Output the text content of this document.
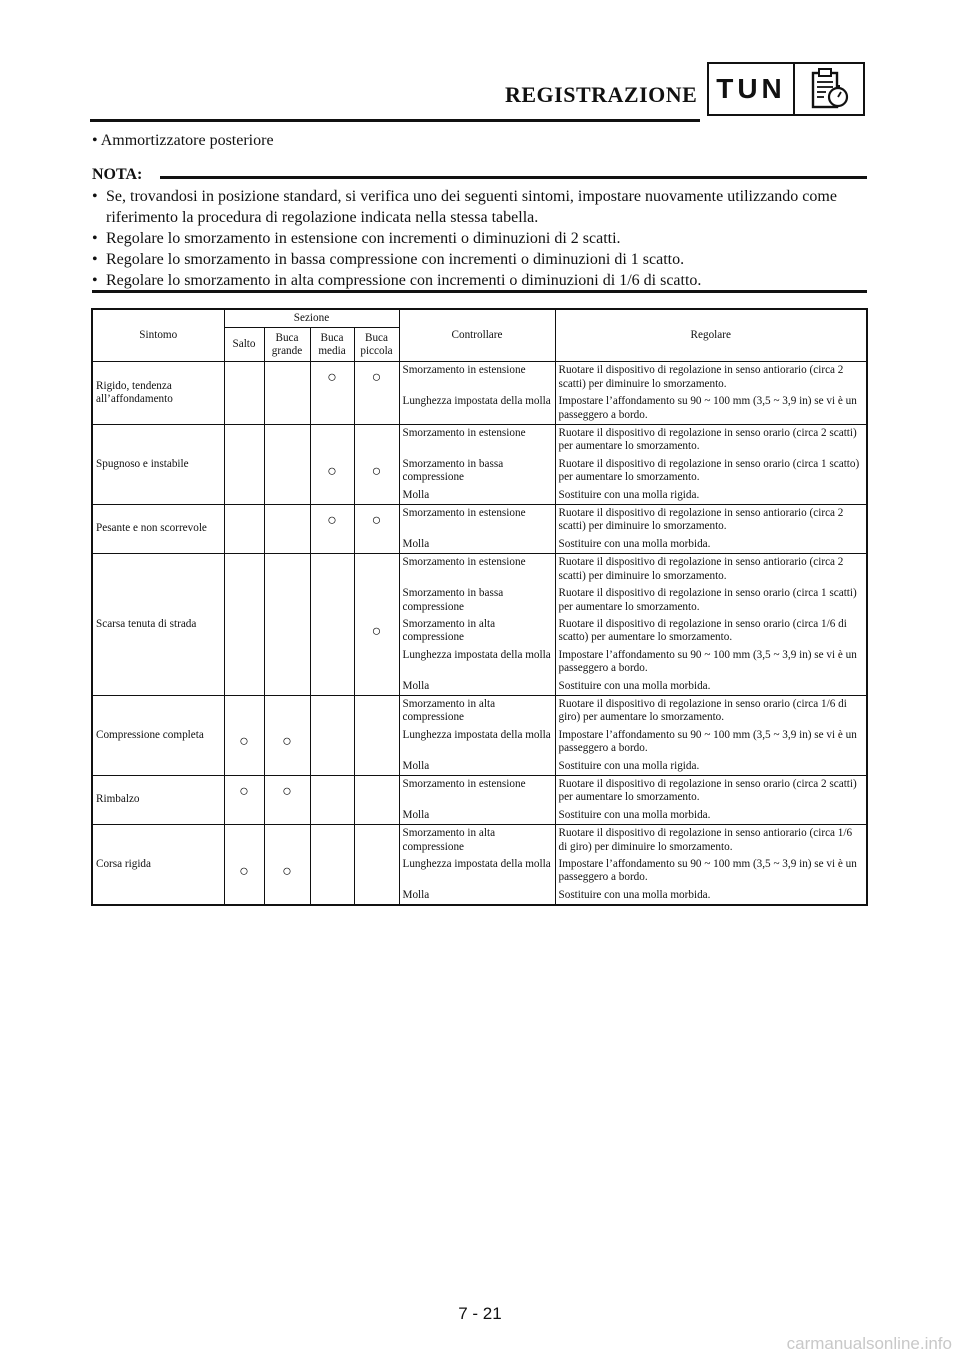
REGISTRAZIONE TUN
• Ammortizzatore posteriore
NOTA:
• Se, trovandosi in posizione standard, si verifica uno dei seguenti sintomi, impostare nuovamente utilizzando come riferimento la procedura di regolazione indicata nella stessa tabella.
• Regolare lo smorzamento in estensione con incrementi o diminuzioni di 2 scatti.
• Regolare lo smorzamento in bassa compressione con incrementi o diminuzioni di 1 scatto.
• Regolare lo smorzamento in alta compressione con incrementi o diminuzioni di 1/6 di scatto.
Sintomo	Sezione				Controllare	Regolare
	Salto	Buca grande	Buca media	Buca piccola		
Rigido, tendenza all’affondamento			○	○	Smorzamento in estensione	Ruotare il dispositivo di regolazione in senso antiorario (circa 2 scatti) per diminuire lo smorzamento.
					Lunghezza impostata della molla	Impostare l’affondamento su 90 ~ 100 mm (3,5 ~ 3,9 in) se vi è un passeggero a bordo.
Spugnoso e instabile					Smorzamento in estensione	Ruotare il dispositivo di regolazione in senso orario (circa 2 scatti) per aumentare lo smorzamento.
			○	○	Smorzamento in bassa compressione	Ruotare il dispositivo di regolazione in senso orario (circa 1 scatto) per aumentare lo smorzamento.
					Molla	Sostituire con una molla rigida.
Pesante e non scorrevole			○	○	Smorzamento in estensione	Ruotare il dispositivo di regolazione in senso antiorario (circa 2 scatti) per diminuire lo smorzamento.
					Molla	Sostituire con una molla morbida.
Scarsa tenuta di strada					Smorzamento in estensione	Ruotare il dispositivo di regolazione in senso antiorario (circa 2 scatti) per diminuire lo smorzamento.
					Smorzamento in bassa compressione	Ruotare il dispositivo di regolazione in senso orario (circa 1 scatti) per aumentare lo smorzamento.
				○	Smorzamento in alta compressione	Ruotare il dispositivo di regolazione in senso orario (circa 1/6 di scatto) per aumentare lo smorzamento.
					Lunghezza impostata della molla	Impostare l’affondamento su 90 ~ 100 mm (3,5 ~ 3,9 in) se vi è un passeggero a bordo.
					Molla	Sostituire con una molla morbida.
Compressione completa					Smorzamento in alta compressione	Ruotare il dispositivo di regolazione in senso orario (circa 1/6 di giro) per aumentare lo smorzamento.
	○	○			Lunghezza impostata della molla	Impostare l’affondamento su 90 ~ 100 mm (3,5 ~ 3,9 in) se vi è un passeggero a bordo.
					Molla	Sostituire con una molla rigida.
Rimbalzo	○	○			Smorzamento in estensione	Ruotare il dispositivo di regolazione in senso orario (circa 2 scatti) per aumentare lo smorzamento.
					Molla	Sostituire con una molla morbida.
Corsa rigida					Smorzamento in alta compressione	Ruotare il dispositivo di regolazione in senso antiorario (circa 1/6 di giro) per diminuire lo smorzamento.
	○	○			Lunghezza impostata della molla	Impostare l’affondamento su 90 ~ 100 mm (3,5 ~ 3,9 in) se vi è un passeggero a bordo.
					Molla	Sostituire con una molla morbida.
7 - 21
carmanualsonline.info
